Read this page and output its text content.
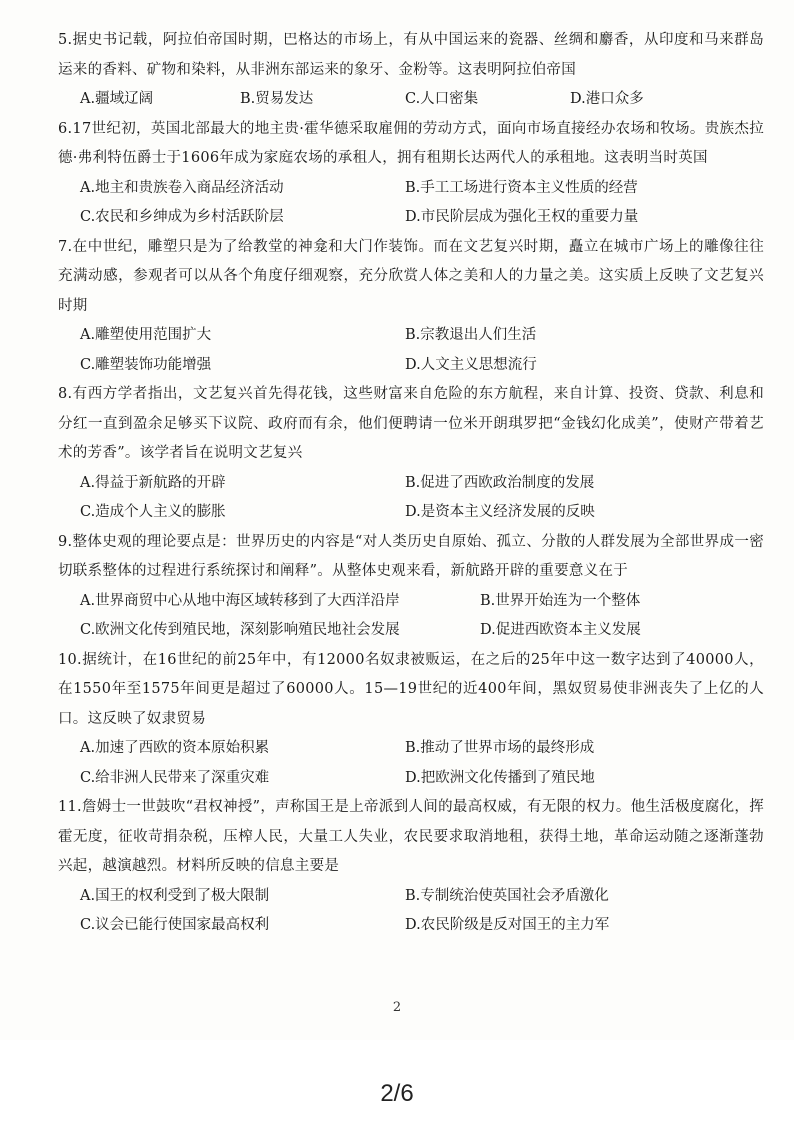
5.据史书记载，阿拉伯帝国时期，巴格达的市场上，有从中国运来的瓷器、丝绸和麝香，从印度和马来群岛运来的香料、矿物和染料，从非洲东部运来的象牙、金粉等。这表明阿拉伯帝国

A.疆域辽阔	B.贸易发达	C.人口密集	D.港口众多

6.17世纪初，英国北部最大的地主贵·霍华德采取雇佣的劳动方式，面向市场直接经办农场和牧场。贵族杰拉德·弗利特伍爵士于1606年成为家庭农场的承租人，拥有租期长达两代人的承租地。这表明当时英国

A.地主和贵族卷入商品经济活动	B.手工工场进行资本主义性质的经营
C.农民和乡绅成为乡村活跃阶层	D.市民阶层成为强化王权的重要力量

7.在中世纪，雕塑只是为了给教堂的神龛和大门作装饰。而在文艺复兴时期，矗立在城市广场上的雕像往往充满动感，参观者可以从各个角度仔细观察，充分欣赏人体之美和人的力量之美。这实质上反映了文艺复兴时期

A.雕塑使用范围扩大	B.宗教退出人们生活
C.雕塑装饰功能增强	D.人文主义思想流行

8.有西方学者指出，文艺复兴首先得花钱，这些财富来自危险的东方航程，来自计算、投资、贷款、利息和分红一直到盈余足够买下议院、政府而有余，他们便聘请一位米开朗琪罗把“金钱幻化成美”，使财产带着艺术的芳香”。该学者旨在说明文艺复兴

A.得益于新航路的开辟	B.促进了西欧政治制度的发展
C.造成个人主义的膨胀	D.是资本主义经济发展的反映

9.整体史观的理论要点是：世界历史的内容是“对人类历史自原始、孤立、分散的人群发展为全部世界成一密切联系整体的过程进行系统探讨和阐释”。从整体史观来看，新航路开辟的重要意义在于

A.世界商贸中心从地中海区域转移到了大西洋沿岸	B.世界开始连为一个整体
C.欧洲文化传到殖民地，深刻影响殖民地社会发展	D.促进西欧资本主义发展

10.据统计，在16世纪的前25年中，有12000名奴隶被贩运，在之后的25年中这一数字达到了40000人，在1550年至1575年间更是超过了60000人。15—19世纪的近400年间，黑奴贸易使非洲丧失了上亿的人口。这反映了奴隶贸易

A.加速了西欧的资本原始积累	B.推动了世界市场的最终形成
C.给非洲人民带来了深重灾难	D.把欧洲文化传播到了殖民地

11.詹姆士一世鼓吹“君权神授”，声称国王是上帝派到人间的最高权威，有无限的权力。他生活极度腐化，挥霍无度，征收苛捐杂税，压榨人民，大量工人失业，农民要求取消地租，获得土地，革命运动随之逐渐蓬勃兴起，越演越烈。材料所反映的信息主要是

A.国王的权利受到了极大限制	B.专制统治使英国社会矛盾激化
C.议会已能行使国家最高权利	D.农民阶级是反对国王的主力军
2
2/6
